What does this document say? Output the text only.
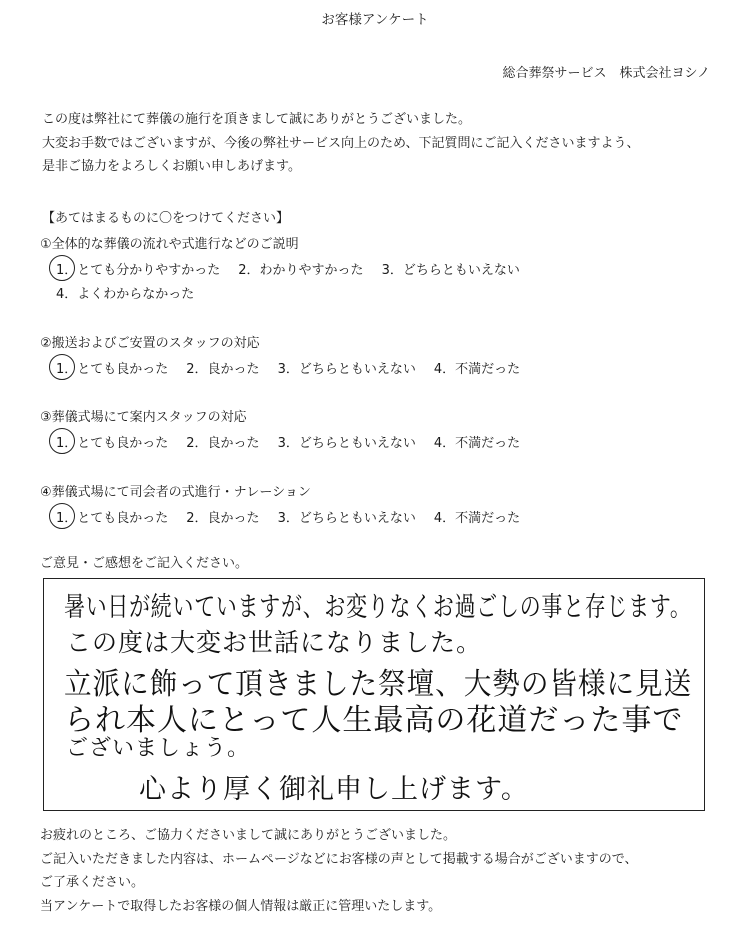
お客様アンケート
総合葬祭サービス　株式会社ヨシノ
この度は弊社にて葬儀の施行を頂きまして誠にありがとうございました。
大変お手数ではございますが、今後の弊社サービス向上のため、下記質問にご記入くださいますよう、
是非ご協力をよろしくお願い申しあげます。
【あてはまるものに〇をつけてください】
①全体的な葬儀の流れや式進行などのご説明
1．とても分かりやすかった 2．わかりやすかった 3．どちらともいえない
4．よくわからなかった
②搬送およびご安置のスタッフの対応
1．とても良かった 2．良かった 3．どちらともいえない 4．不満だった
③葬儀式場にて案内スタッフの対応
1．とても良かった 2．良かった 3．どちらともいえない 4．不満だった
④葬儀式場にて司会者の式進行・ナレーション
1．とても良かった 2．良かった 3．どちらともいえない 4．不満だった
ご意見・ご感想をご記入ください。
暑い日が続いていますが、お変りなくお過ごしの事と存じます。
この度は大変お世話になりました。
立派に飾って頂きました祭壇、大勢の皆様に見送
られ本人にとって人生最高の花道だった事で
ございましょう。
心より厚く御礼申し上げます。
お疲れのところ、ご協力くださいまして誠にありがとうございました。
ご記入いただきました内容は、ホームページなどにお客様の声として掲載する場合がございますので、
ご了承ください。
当アンケートで取得したお客様の個人情報は厳正に管理いたします。
